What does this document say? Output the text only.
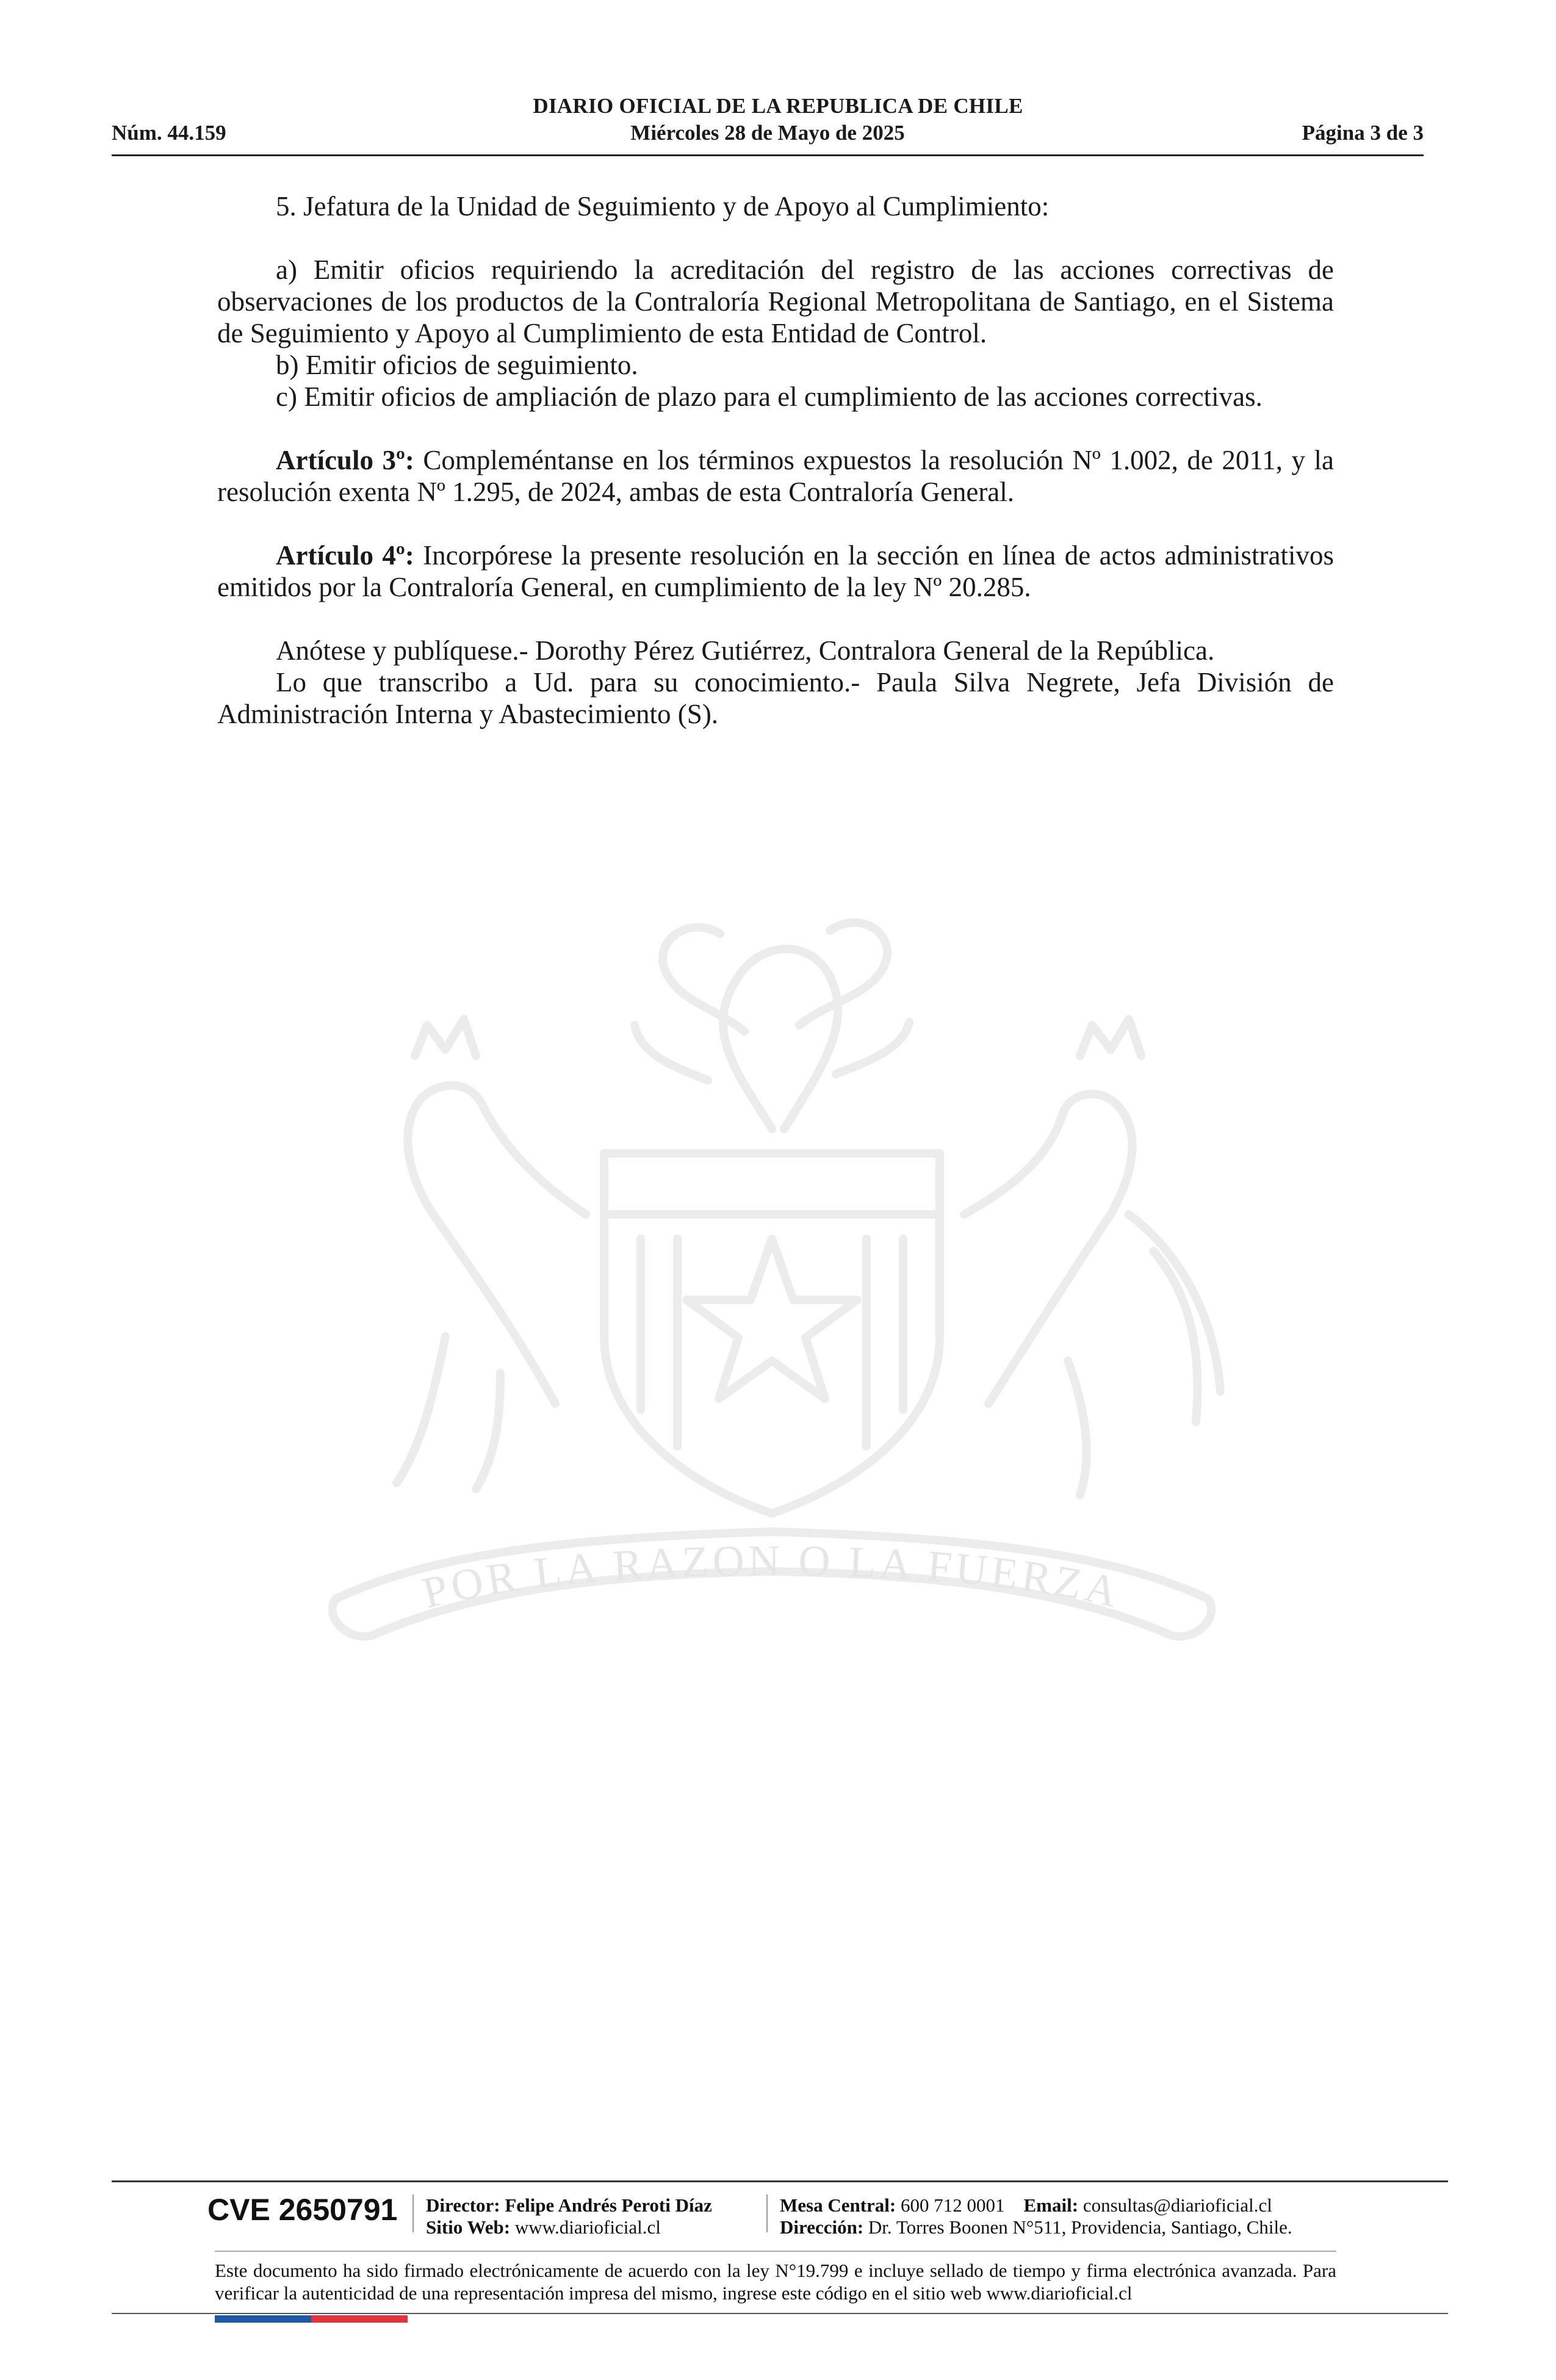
DIARIO OFICIAL DE LA REPUBLICA DE CHILE
Núm. 44.159	Miércoles 28 de Mayo de 2025	Página 3 de 3
POR LA RAZON O LA FUERZA

5. Jefatura de la Unidad de Seguimiento y de Apoyo al Cumplimiento:

a) Emitir oficios requiriendo la acreditación del registro de las acciones correctivas de observaciones de los productos de la Contraloría Regional Metropolitana de Santiago, en el Sistema de Seguimiento y Apoyo al Cumplimiento de esta Entidad de Control.

b) Emitir oficios de seguimiento.

c) Emitir oficios de ampliación de plazo para el cumplimiento de las acciones correctivas.

Artículo 3º: Compleméntanse en los términos expuestos la resolución Nº 1.002, de 2011, y la resolución exenta Nº 1.295, de 2024, ambas de esta Contraloría General.

Artículo 4º: Incorpórese la presente resolución en la sección en línea de actos administrativos emitidos por la Contraloría General, en cumplimiento de la ley Nº 20.285.

Anótese y publíquese.- Dorothy Pérez Gutiérrez, Contralora General de la República.

Lo que transcribo a Ud. para su conocimiento.- Paula Silva Negrete, Jefa División de Administración Interna y Abastecimiento (S).

CVE 2650791 Director: Felipe Andrés Peroti Díaz
Sitio Web: www.diarioficial.cl
Mesa Central: 600 712 0001 Email: consultas@diarioficial.cl
Dirección: Dr. Torres Boonen N°511, Providencia, Santiago, Chile.

Este documento ha sido firmado electrónicamente de acuerdo con la ley N°19.799 e incluye sellado de tiempo y firma electrónica avanzada. Para verificar la autenticidad de una representación impresa del mismo, ingrese este código en el sitio web www.diarioficial.cl
